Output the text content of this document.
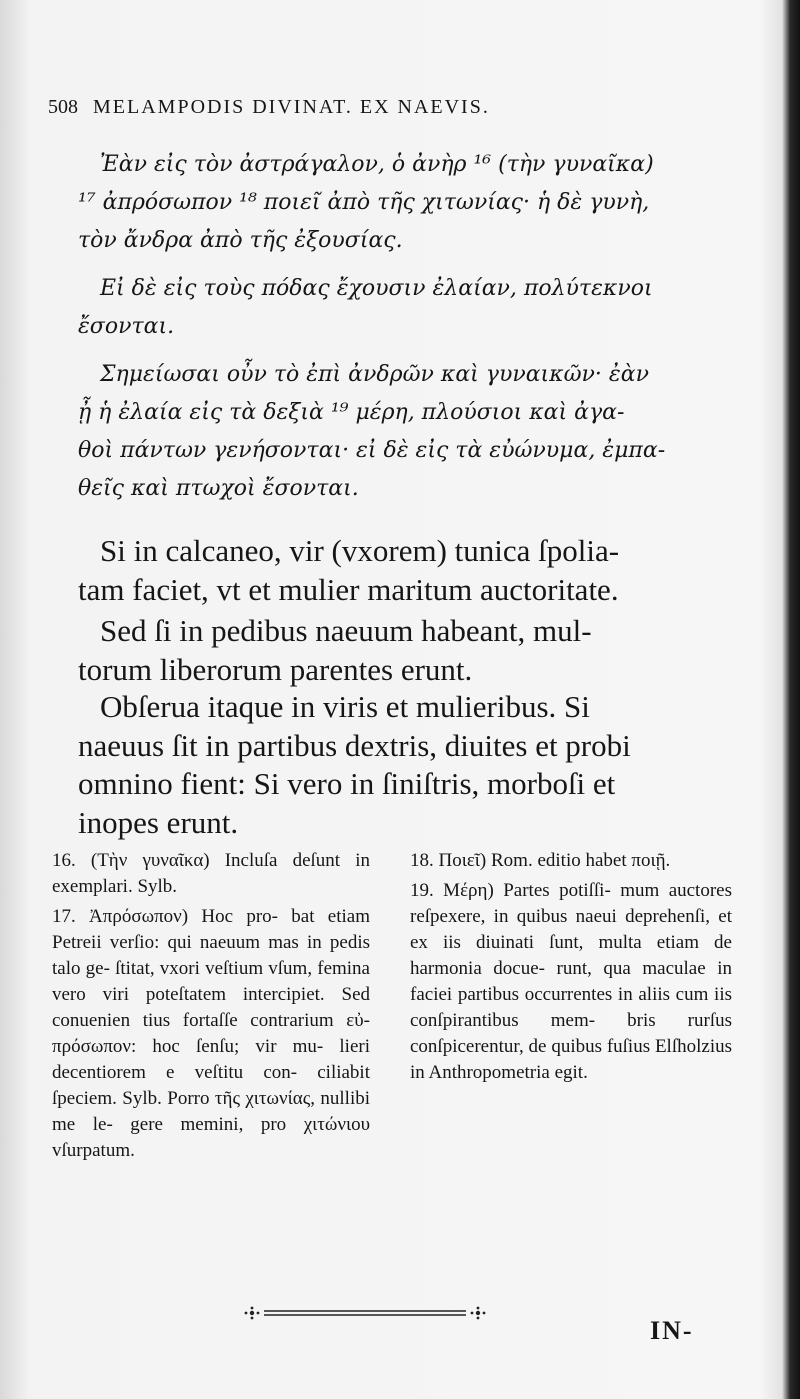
508 MELAMPODIS DIVINAT. EX NAEVIS.
Ἐὰν εἰς τὸν ἀστράγαλον, ὁ ἀνὴρ ¹⁶ (τὴν γυναῖκα)
¹⁷ ἀπρόσωπον ¹⁸ ποιεῖ ἀπὸ τῆς χιτωνίας· ἡ δὲ γυνὴ,
τὸν ἄνδρα ἀπὸ τῆς ἐξουσίας.
Εἰ δὲ εἰς τοὺς πόδας ἔχουσιν ἐλαίαν, πολύτεκνοι
ἔσονται.
Σημείωσαι οὖν τὸ ἐπὶ ἀνδρῶν καὶ γυναικῶν· ἐὰν
ᾖ ἡ ἐλαία εἰς τὰ δεξιὰ ¹⁹ μέρη, πλούσιοι καὶ ἀγα-
θοὶ πάντων γενήσονται· εἰ δὲ εἰς τὰ εὐώνυμα, ἐμπα-
θεῖς καὶ πτωχοὶ ἔσονται.
Si in calcaneo, vir (vxorem) tunica ſpolia-
tam faciet, vt et mulier maritum auctoritate.
Sed ſi in pedibus naeuum habeant, mul-
torum liberorum parentes erunt.
Obſerua itaque in viris et mulieribus. Si
naeuus ſit in partibus dextris, diuites et probi
omnino fient: Si vero in ſiniſtris, morboſi et
inopes erunt.

16. (Τὴν γυναῖκα) Incluſa deſunt in exemplari. Sylb.

17. Ἀπρόσωπον) Hoc pro- bat etiam Petreii verſio: qui naeuum mas in pedis talo ge- ſtitat, vxori veſtium vſum, femina vero viri poteſtatem intercipiet. Sed conuenien tius fortaſſe contrarium εὐ- πρόσωπον: hoc ſenſu; vir mu- lieri decentiorem e veſtitu con- ciliabit ſpeciem. Sylb. Porro τῆς χιτωνίας, nullibi me le- gere memini, pro χιτώνιου vſurpatum.

18. Ποιεῖ) Rom. editio habet ποιῇ.

19. Μέρη) Partes potiſſi- mum auctores reſpexere, in quibus naeui deprehenſi, et ex iis diuinati ſunt, multa etiam de harmonia docue- runt, qua maculae in faciei partibus occurrentes in aliis cum iis conſpirantibus mem- bris rurſus conſpicerentur, de quibus fuſius Elſholzius in Anthropometria egit.

IN-
